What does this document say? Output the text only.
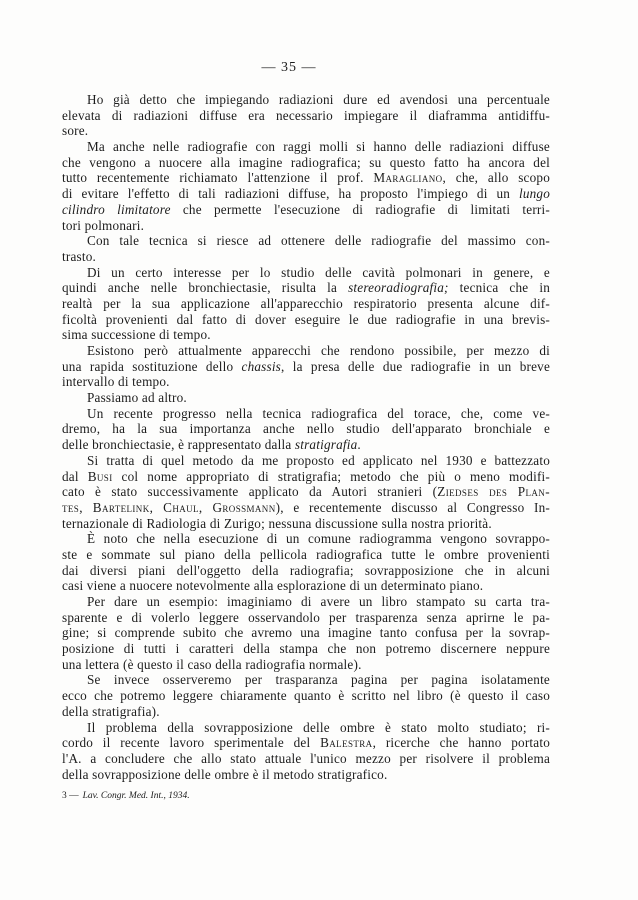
— 35 —
Ho già detto che impiegando radiazioni dure ed avendosi una percentuale
elevata di radiazioni diffuse era necessario impiegare il diaframma antidiffu-
sore.
Ma anche nelle radiografie con raggi molli si hanno delle radiazioni diffuse
che vengono a nuocere alla imagine radiografica; su questo fatto ha ancora del
tutto recentemente richiamato l'attenzione il prof. Maragliano, che, allo scopo
di evitare l'effetto di tali radiazioni diffuse, ha proposto l'impiego di un lungo
cilindro limitatore che permette l'esecuzione di radiografie di limitati terri-
tori polmonari.
Con tale tecnica si riesce ad ottenere delle radiografie del massimo con-
trasto.
Di un certo interesse per lo studio delle cavità polmonari in genere, e
quindi anche nelle bronchiectasie, risulta la stereoradiografia; tecnica che in
realtà per la sua applicazione all'apparecchio respiratorio presenta alcune dif-
ficoltà provenienti dal fatto di dover eseguire le due radiografie in una brevis-
sima successione di tempo.
Esistono però attualmente apparecchi che rendono possibile, per mezzo di
una rapida sostituzione dello chassis, la presa delle due radiografie in un breve
intervallo di tempo.
Passiamo ad altro.
Un recente progresso nella tecnica radiografica del torace, che, come ve-
dremo, ha la sua importanza anche nello studio dell'apparato bronchiale e
delle bronchiectasie, è rappresentato dalla stratigrafia.
Si tratta di quel metodo da me proposto ed applicato nel 1930 e battezzato
dal Busi col nome appropriato di stratigrafia; metodo che più o meno modifi-
cato è stato successivamente applicato da Autori stranieri (Ziedses des Plan-
tes, Bartelink, Chaul, Grossmann), e recentemente discusso al Congresso In-
ternazionale di Radiologia di Zurigo; nessuna discussione sulla nostra priorità.
È noto che nella esecuzione di un comune radiogramma vengono sovrappo-
ste e sommate sul piano della pellicola radiografica tutte le ombre provenienti
dai diversi piani dell'oggetto della radiografia; sovrapposizione che in alcuni
casi viene a nuocere notevolmente alla esplorazione di un determinato piano.
Per dare un esempio: imaginiamo di avere un libro stampato su carta tra-
sparente e di volerlo leggere osservandolo per trasparenza senza aprirne le pa-
gine; si comprende subito che avremo una imagine tanto confusa per la sovrap-
posizione di tutti i caratteri della stampa che non potremo discernere neppure
una lettera (è questo il caso della radiografia normale).
Se invece osserveremo per trasparanza pagina per pagina isolatamente
ecco che potremo leggere chiaramente quanto è scritto nel libro (è questo il caso
della stratigrafia).
Il problema della sovrapposizione delle ombre è stato molto studiato; ri-
cordo il recente lavoro sperimentale del Balestra, ricerche che hanno portato
l'A. a concludere che allo stato attuale l'unico mezzo per risolvere il problema
della sovrapposizione delle ombre è il metodo stratigrafico.
3 — Lav. Congr. Med. Int., 1934.
